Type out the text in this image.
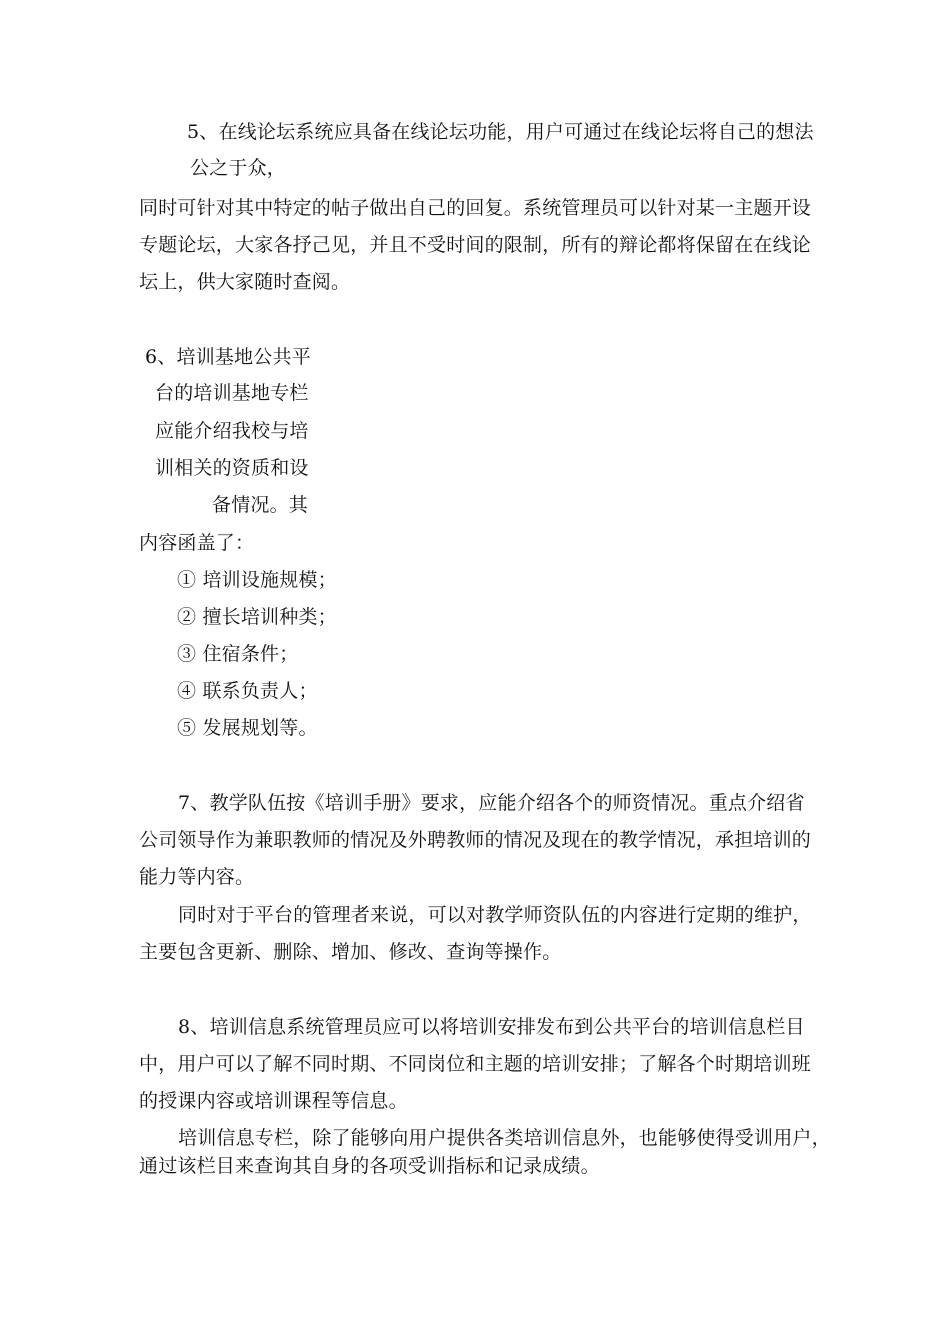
5、在线论坛系统应具备在线论坛功能，用户可通过在线论坛将自己的想法
公之于众，
同时可针对其中特定的帖子做出自己的回复。系统管理员可以针对某一主题开设
专题论坛，大家各抒己见，并且不受时间的限制，所有的辩论都将保留在在线论
坛上，供大家随时查阅。
6、培训基地公共平
台的培训基地专栏
应能介绍我校与培
训相关的资质和设
备情况。其
内容函盖了：
① 培训设施规模；
② 擅长培训种类；
③ 住宿条件；
④ 联系负责人；
⑤ 发展规划等。
7、教学队伍按《培训手册》要求，应能介绍各个的师资情况。重点介绍省
公司领导作为兼职教师的情况及外聘教师的情况及现在的教学情况，承担培训的
能力等内容。
同时对于平台的管理者来说，可以对教学师资队伍的内容进行定期的维护，
主要包含更新、删除、增加、修改、查询等操作。
8、培训信息系统管理员应可以将培训安排发布到公共平台的培训信息栏目
中，用户可以了解不同时期、不同岗位和主题的培训安排；了解各个时期培训班
的授课内容或培训课程等信息。
培训信息专栏，除了能够向用户提供各类培训信息外，也能够使得受训用户，
通过该栏目来查询其自身的各项受训指标和记录成绩。
